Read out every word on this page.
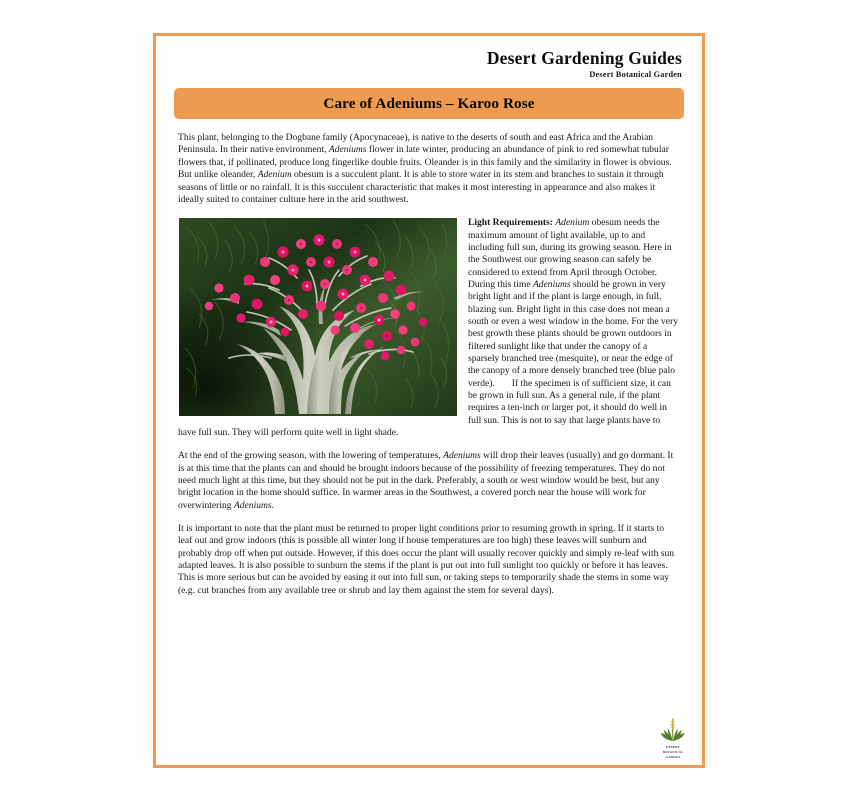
Desert Gardening Guides
Desert Botanical Garden
Care of Adeniums – Karoo Rose

This plant, belonging to the Dogbane family (Apocynaceae), is native to the deserts of south and east Africa and the Arabian Peninsula. In their native environment, Adeniums flower in late winter, producing an abundance of pink to red somewhat tubular flowers that, if pollinated, produce long fingerlike double fruits. Oleander is in this family and the similarity in flower is obvious. But unlike oleander, Adenium obesum is a succulent plant. It is able to store water in its stem and branches to sustain it through seasons of little or no rainfall. It is this succulent characteristic that makes it most interesting in appearance and also makes it ideally suited to container culture here in the arid southwest.

Light Requirements: Adenium obesum needs the maximum amount of light available, up to and including full sun, during its growing season. Here in the Southwest our growing season can safely be considered to extend from April through October. During this time Adeniums should be grown in very bright light and if the plant is large enough, in full, blazing sun. Bright light in this case does not mean a south or even a west window in the home. For the very best growth these plants should be grown outdoors in filtered sunlight like that under the canopy of a sparsely branched tree (mesquite), or near the edge of the canopy of a more densely branched tree (blue palo verde). If the specimen is of sufficient size, it can be grown in full sun. As a general rule, if the plant requires a ten-inch or larger pot, it should do well in full sun. This is not to say that large plants have to have full sun. They will perform quite well in light shade.

At the end of the growing season, with the lowering of temperatures, Adeniums will drop their leaves (usually) and go dormant. It is at this time that the plants can and should be brought indoors because of the possibility of freezing temperatures. They do not need much light at this time, but they should not be put in the dark. Preferably, a south or west window would be best, but any bright location in the home should suffice. In warmer areas in the Southwest, a covered porch near the house will work for overwintering Adeniums.

It is important to note that the plant must be returned to proper light conditions prior to resuming growth in spring. If it starts to leaf out and grow indoors (this is possible all winter long if house temperatures are too high) these leaves will sunburn and probably drop off when put outside. However, if this does occur the plant will usually recover quickly and simply re-leaf with sun adapted leaves. It is also possible to sunburn the stems if the plant is put out into full sunlight too quickly or before it has leaves. This is more serious but can be avoided by easing it out into full sun, or taking steps to temporarily shade the stems in some way (e.g. cut branches from any available tree or shrub and lay them against the stem for several days).

DESERT
BOTANICAL
GARDEN
